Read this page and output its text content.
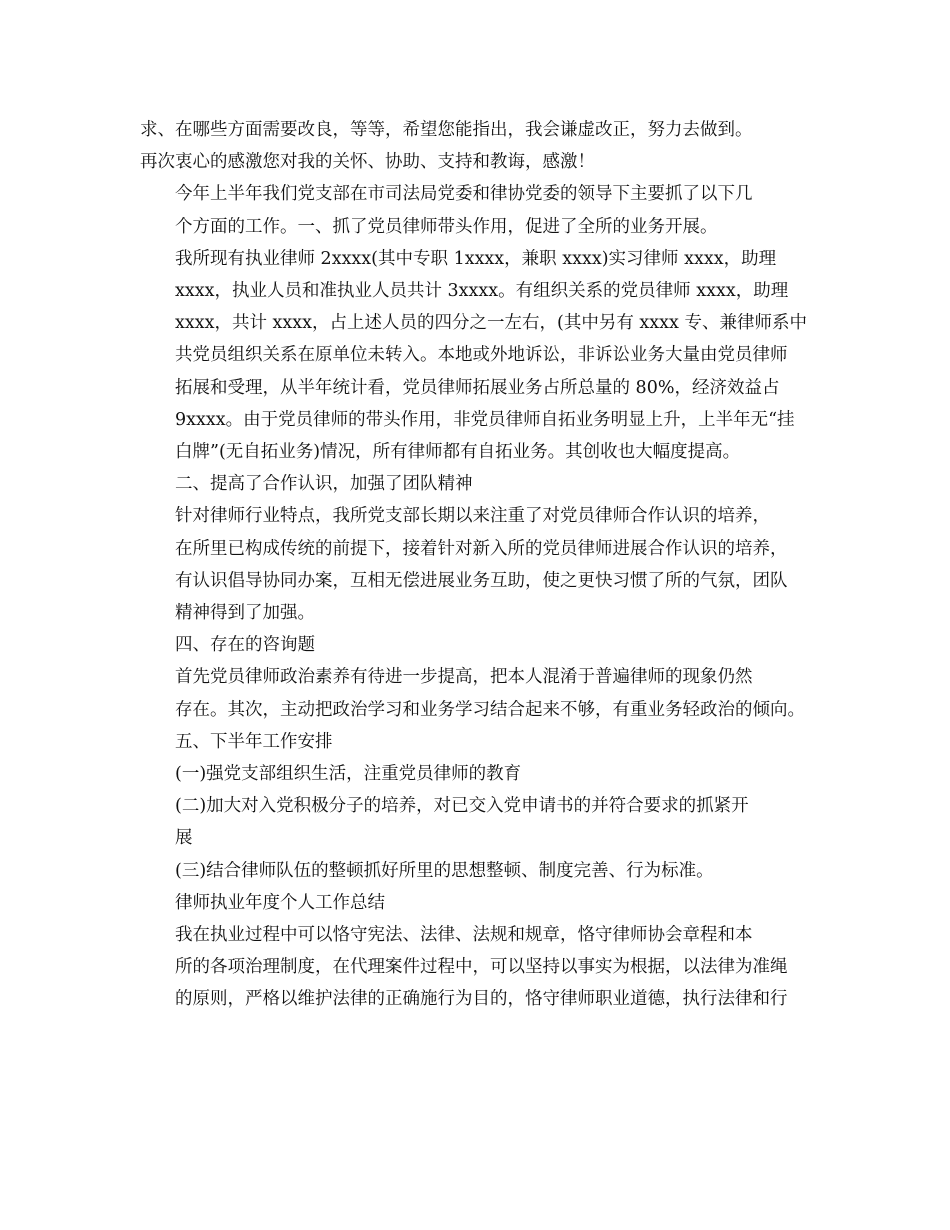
求、在哪些方面需要改良，等等，希望您能指出，我会谦虚改正，努力去做到。
再次衷心的感激您对我的关怀、协助、支持和教诲，感激！

今年上半年我们党支部在市司法局党委和律协党委的领导下主要抓了以下几
个方面的工作。一、抓了党员律师带头作用，促进了全所的业务开展。

我所现有执业律师 2xxxx(其中专职 1xxxx，兼职 xxxx)实习律师 xxxx，助理
xxxx，执业人员和准执业人员共计 3xxxx。有组织关系的党员律师 xxxx，助理
xxxx，共计 xxxx，占上述人员的四分之一左右，(其中另有 xxxx 专、兼律师系中
共党员组织关系在原单位未转入。本地或外地诉讼，非诉讼业务大量由党员律师
拓展和受理，从半年统计看，党员律师拓展业务占所总量的 80%，经济效益占
9xxxx。由于党员律师的带头作用，非党员律师自拓业务明显上升，上半年无“挂
白牌”(无自拓业务)情况，所有律师都有自拓业务。其创收也大幅度提高。

二、提高了合作认识，加强了团队精神

针对律师行业特点，我所党支部长期以来注重了对党员律师合作认识的培养，
在所里已构成传统的前提下，接着针对新入所的党员律师进展合作认识的培养，
有认识倡导协同办案，互相无偿进展业务互助，使之更快习惯了所的气氛，团队
精神得到了加强。

四、存在的咨询题

首先党员律师政治素养有待进一步提高，把本人混淆于普遍律师的现象仍然
存在。其次，主动把政治学习和业务学习结合起来不够，有重业务轻政治的倾向。

五、下半年工作安排

(一)强党支部组织生活，注重党员律师的教育

(二)加大对入党积极分子的培养，对已交入党申请书的并符合要求的抓紧开
展

(三)结合律师队伍的整顿抓好所里的思想整顿、制度完善、行为标准。

律师执业年度个人工作总结

我在执业过程中可以恪守宪法、法律、法规和规章，恪守律师协会章程和本
所的各项治理制度，在代理案件过程中，可以坚持以事实为根据，以法律为准绳
的原则，严格以维护法律的正确施行为目的，恪守律师职业道德，执行法律和行
